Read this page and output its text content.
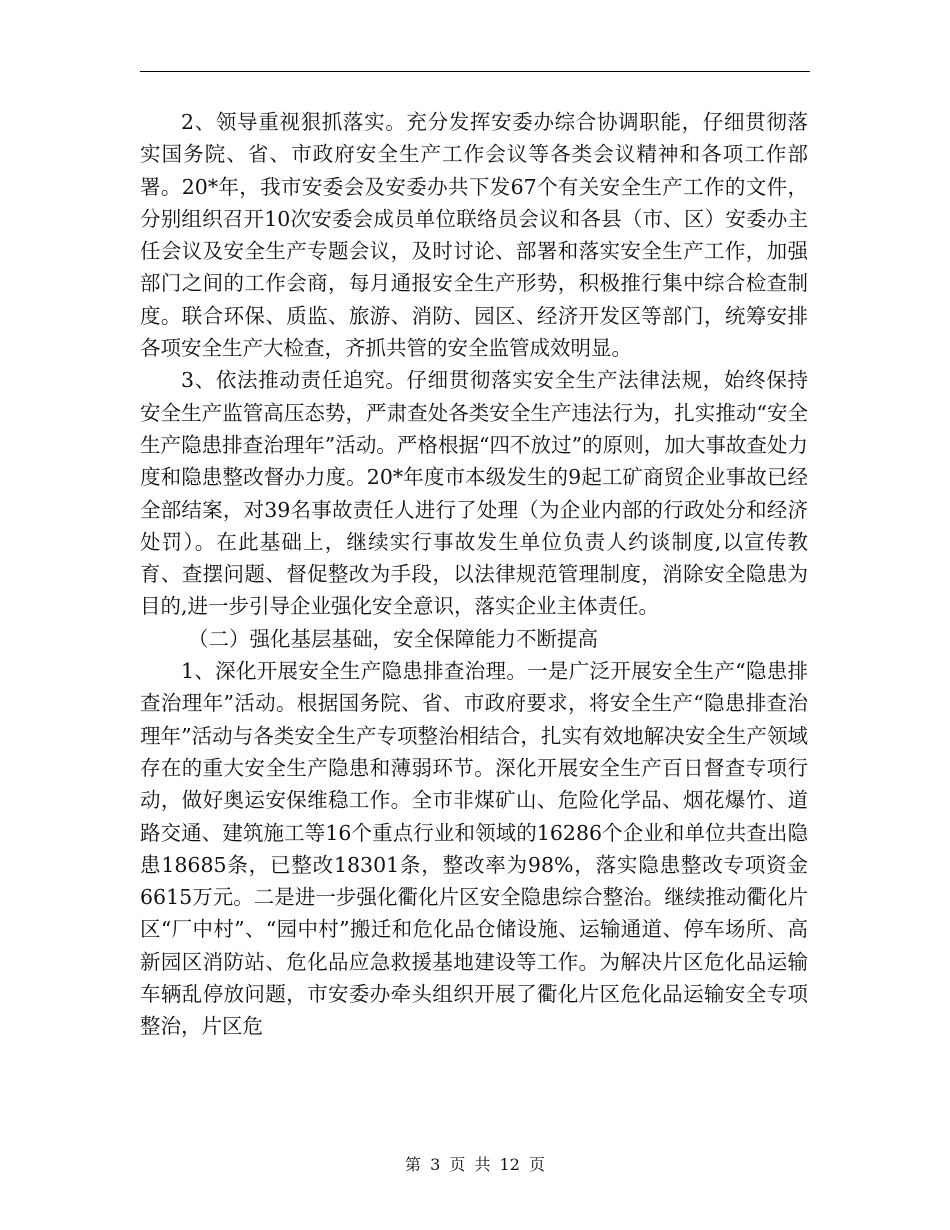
2、领导重视狠抓落实。充分发挥安委办综合协调职能，仔细贯彻落实国务院、省、市政府安全生产工作会议等各类会议精神和各项工作部署。20*年，我市安委会及安委办共下发67个有关安全生产工作的文件，分别组织召开10次安委会成员单位联络员会议和各县（市、区）安委办主任会议及安全生产专题会议，及时讨论、部署和落实安全生产工作，加强部门之间的工作会商，每月通报安全生产形势，积极推行集中综合检查制度。联合环保、质监、旅游、消防、园区、经济开发区等部门，统筹安排各项安全生产大检查，齐抓共管的安全监管成效明显。

3、依法推动责任追究。仔细贯彻落实安全生产法律法规，始终保持安全生产监管高压态势，严肃查处各类安全生产违法行为，扎实推动“安全生产隐患排查治理年”活动。严格根据“四不放过”的原则，加大事故查处力度和隐患整改督办力度。20*年度市本级发生的9起工矿商贸企业事故已经全部结案，对39名事故责任人进行了处理（为企业内部的行政处分和经济处罚）。在此基础上，继续实行事故发生单位负责人约谈制度,以宣传教育、查摆问题、督促整改为手段，以法律规范管理制度，消除安全隐患为目的,进一步引导企业强化安全意识，落实企业主体责任。

（二）强化基层基础，安全保障能力不断提高

1、深化开展安全生产隐患排查治理。一是广泛开展安全生产“隐患排查治理年”活动。根据国务院、省、市政府要求，将安全生产“隐患排查治理年”活动与各类安全生产专项整治相结合，扎实有效地解决安全生产领域存在的重大安全生产隐患和薄弱环节。深化开展安全生产百日督查专项行动，做好奥运安保维稳工作。全市非煤矿山、危险化学品、烟花爆竹、道路交通、建筑施工等16个重点行业和领域的16286个企业和单位共查出隐患18685条，已整改18301条，整改率为98%，落实隐患整改专项资金6615万元。二是进一步强化衢化片区安全隐患综合整治。继续推动衢化片区“厂中村”、“园中村”搬迁和危化品仓储设施、运输通道、停车场所、高新园区消防站、危化品应急救援基地建设等工作。为解决片区危化品运输车辆乱停放问题，市安委办牵头组织开展了衢化片区危化品运输安全专项整治，片区危

第 3 页 共 12 页
